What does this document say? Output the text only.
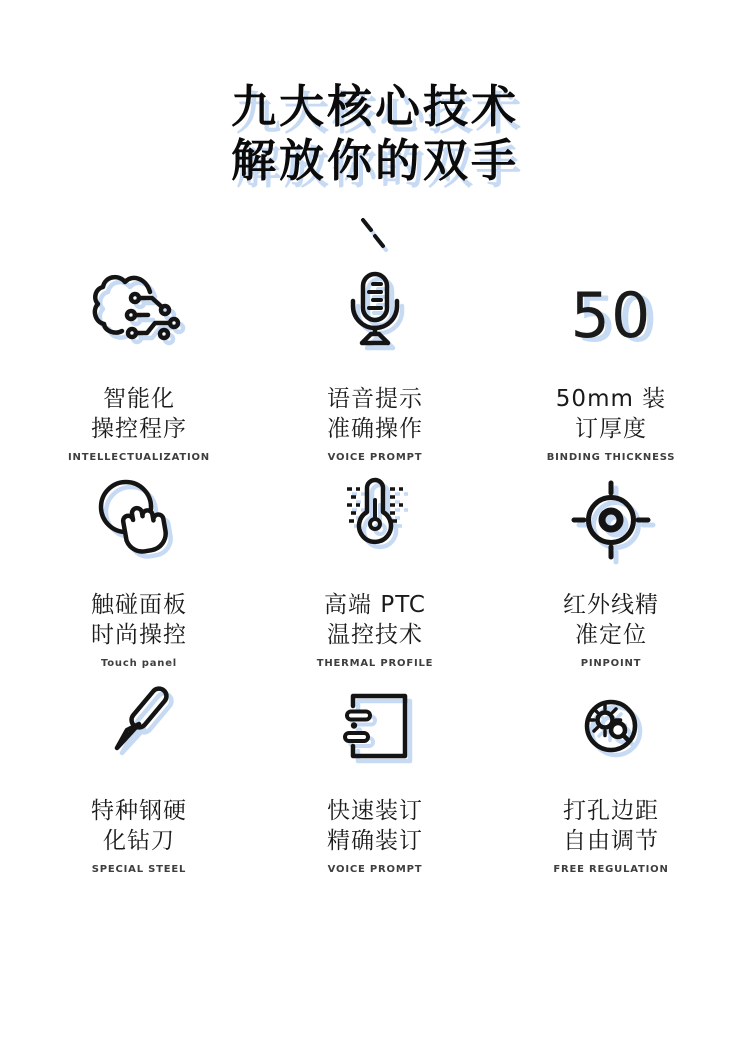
九大核心技术
解放你的双手
智能化
操控程序
INTELLECTUALIZATION
语音提示
准确操作
VOICE PROMPT
50
50mm 装
订厚度
BINDING THICKNESS
触碰面板
时尚操控
Touch panel
高端 PTC
温控技术
THERMAL PROFILE
红外线精
准定位
PINPOINT
特种钢硬
化钻刀
SPECIAL STEEL
快速装订
精确装订
VOICE PROMPT
打孔边距
自由调节
FREE REGULATION
